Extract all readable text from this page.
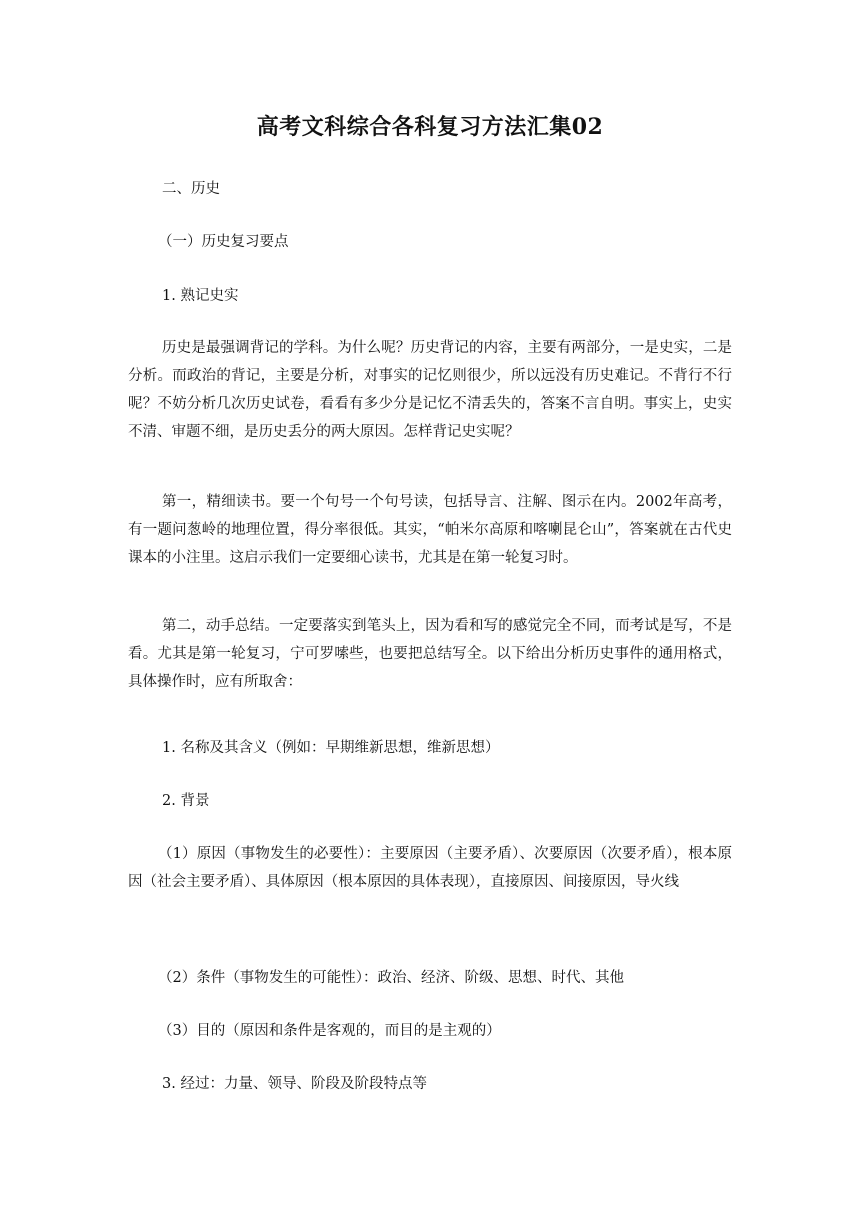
高考文科综合各科复习方法汇集02

二、历史

（一）历史复习要点

1. 熟记史实

历史是最强调背记的学科。为什么呢？历史背记的内容，主要有两部分，一是史实，二是分析。而政治的背记，主要是分析，对事实的记忆则很少，所以远没有历史难记。不背行不行呢？不妨分析几次历史试卷，看看有多少分是记忆不清丢失的，答案不言自明。事实上，史实不清、审题不细，是历史丢分的两大原因。怎样背记史实呢？

第一，精细读书。要一个句号一个句号读，包括导言、注解、图示在内。2002年高考，有一题问葱岭的地理位置，得分率很低。其实，“帕米尔高原和喀喇昆仑山”，答案就在古代史课本的小注里。这启示我们一定要细心读书，尤其是在第一轮复习时。

第二，动手总结。一定要落实到笔头上，因为看和写的感觉完全不同，而考试是写，不是看。尤其是第一轮复习，宁可罗嗦些，也要把总结写全。以下给出分析历史事件的通用格式，具体操作时，应有所取舍：

1. 名称及其含义（例如：早期维新思想，维新思想）

2. 背景

（1）原因（事物发生的必要性）：主要原因（主要矛盾）、次要原因（次要矛盾），根本原因（社会主要矛盾）、具体原因（根本原因的具体表现），直接原因、间接原因，导火线

（2）条件（事物发生的可能性）：政治、经济、阶级、思想、时代、其他

（3）目的（原因和条件是客观的，而目的是主观的）

3. 经过：力量、领导、阶段及阶段特点等
